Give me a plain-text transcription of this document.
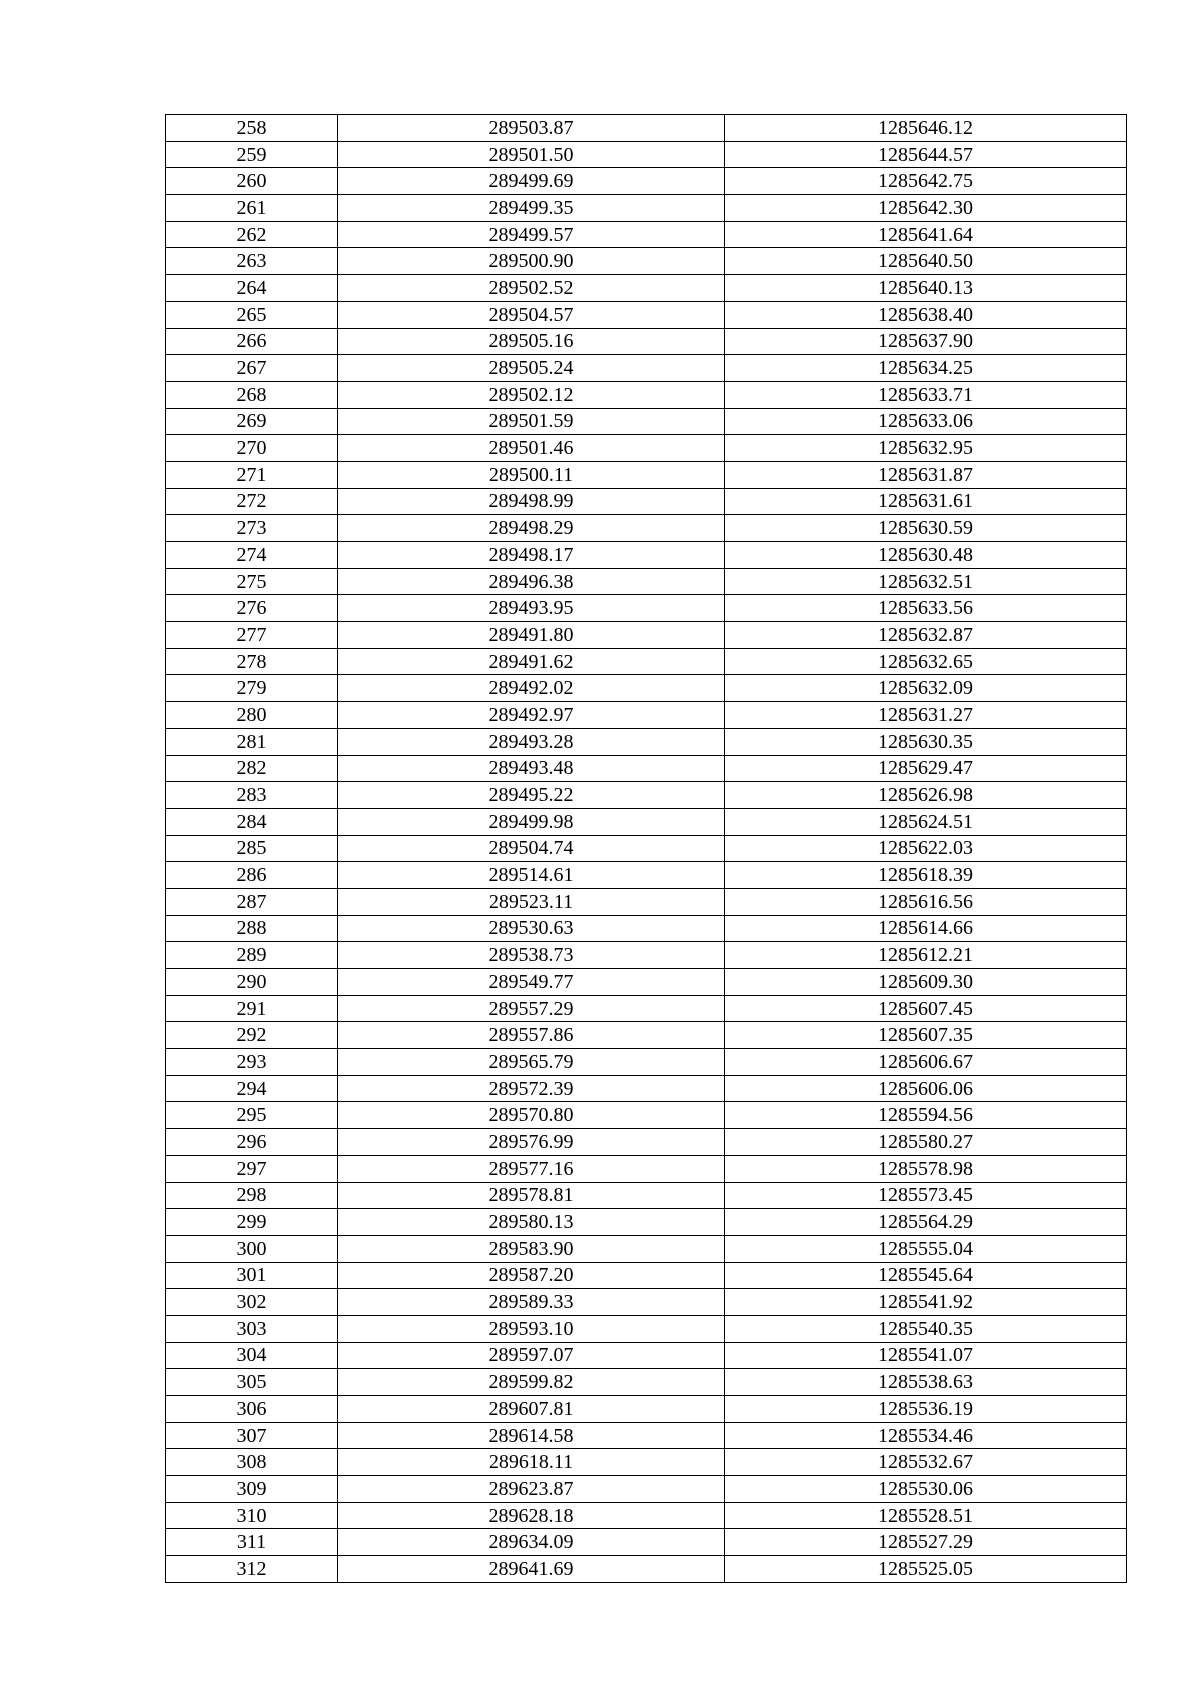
258	289503.87	1285646.12
259	289501.50	1285644.57
260	289499.69	1285642.75
261	289499.35	1285642.30
262	289499.57	1285641.64
263	289500.90	1285640.50
264	289502.52	1285640.13
265	289504.57	1285638.40
266	289505.16	1285637.90
267	289505.24	1285634.25
268	289502.12	1285633.71
269	289501.59	1285633.06
270	289501.46	1285632.95
271	289500.11	1285631.87
272	289498.99	1285631.61
273	289498.29	1285630.59
274	289498.17	1285630.48
275	289496.38	1285632.51
276	289493.95	1285633.56
277	289491.80	1285632.87
278	289491.62	1285632.65
279	289492.02	1285632.09
280	289492.97	1285631.27
281	289493.28	1285630.35
282	289493.48	1285629.47
283	289495.22	1285626.98
284	289499.98	1285624.51
285	289504.74	1285622.03
286	289514.61	1285618.39
287	289523.11	1285616.56
288	289530.63	1285614.66
289	289538.73	1285612.21
290	289549.77	1285609.30
291	289557.29	1285607.45
292	289557.86	1285607.35
293	289565.79	1285606.67
294	289572.39	1285606.06
295	289570.80	1285594.56
296	289576.99	1285580.27
297	289577.16	1285578.98
298	289578.81	1285573.45
299	289580.13	1285564.29
300	289583.90	1285555.04
301	289587.20	1285545.64
302	289589.33	1285541.92
303	289593.10	1285540.35
304	289597.07	1285541.07
305	289599.82	1285538.63
306	289607.81	1285536.19
307	289614.58	1285534.46
308	289618.11	1285532.67
309	289623.87	1285530.06
310	289628.18	1285528.51
311	289634.09	1285527.29
312	289641.69	1285525.05
